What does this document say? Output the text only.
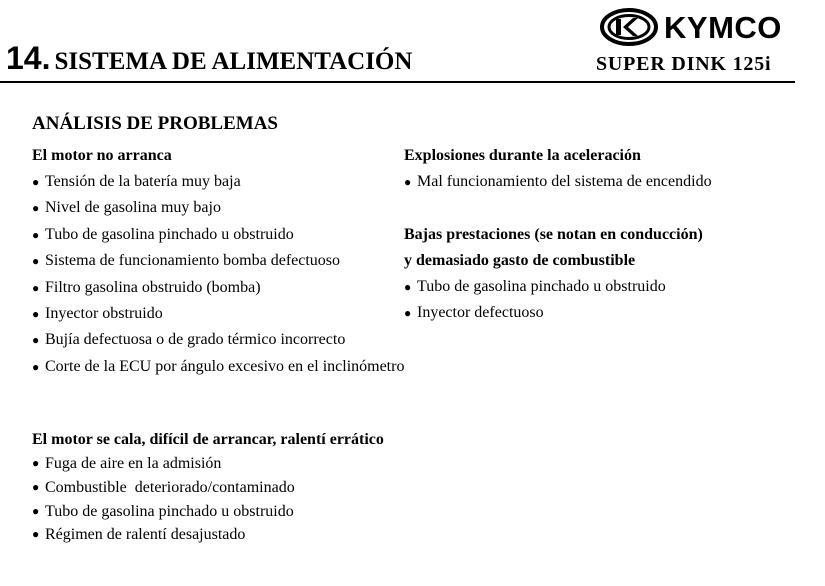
KYMCO
14. SISTEMA DE ALIMENTACIÓN	SUPER DINK 125i
ANÁLISIS DE PROBLEMAS
El motor no arranca
● Tensión de la batería muy baja
● Nivel de gasolina muy bajo
● Tubo de gasolina pinchado u obstruido
● Sistema de funcionamiento bomba defectuoso
● Filtro gasolina obstruido (bomba)
● Inyector obstruido
● Bujía defectuosa o de grado térmico incorrecto
● Corte de la ECU por ángulo excesivo en el inclinómetro
Explosiones durante la aceleración
● Mal funcionamiento del sistema de encendido
Bajas prestaciones (se notan en conducción)
y demasiado gasto de combustible
● Tubo de gasolina pinchado u obstruido
● Inyector defectuoso
El motor se cala, difícil de arrancar, ralentí errático
● Fuga de aire en la admisión
● Combustible  deteriorado/contaminado
● Tubo de gasolina pinchado u obstruido
● Régimen de ralentí desajustado
